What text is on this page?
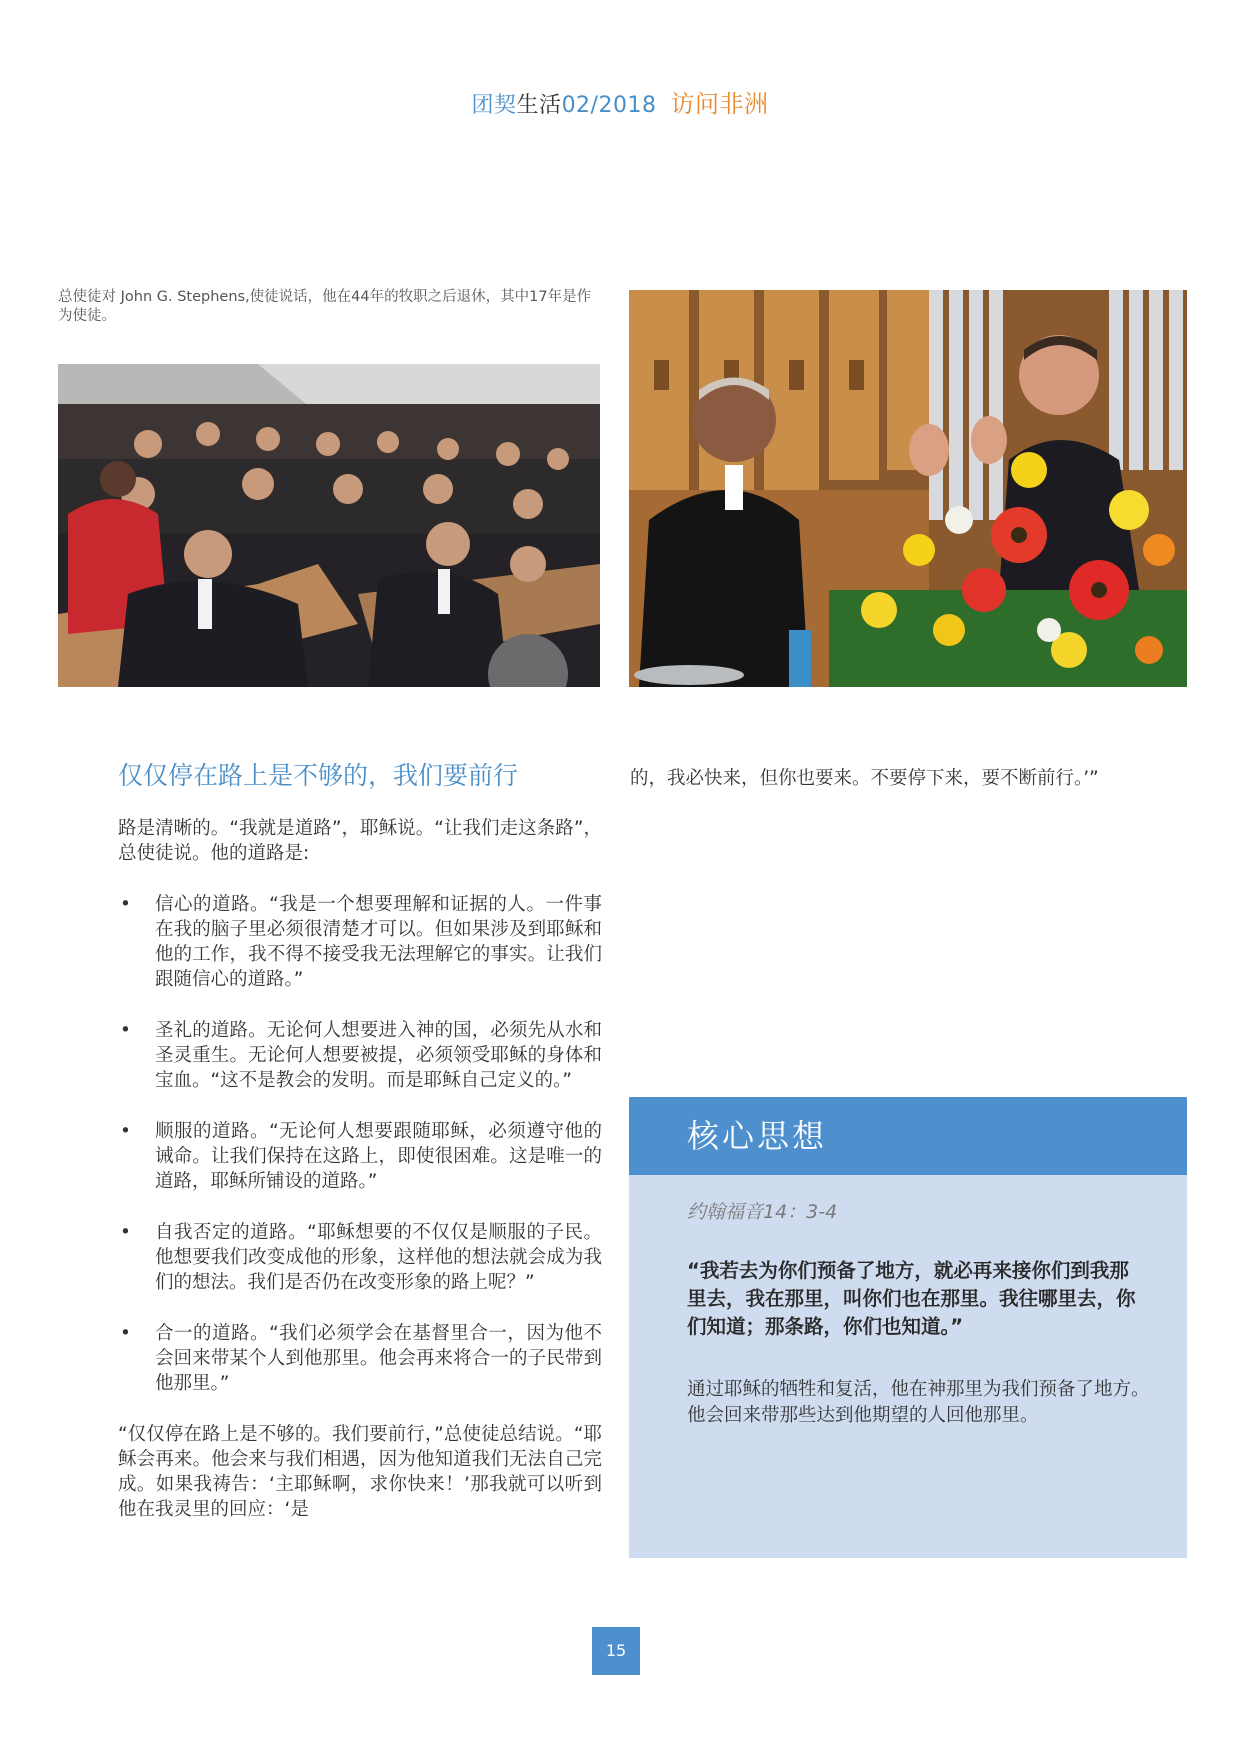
团契生活02/2018 访问非洲
总使徒对 John G. Stephens,使徒说话，他在44年的牧职之后退休，其中17年是作为使徒。
仅仅停在路上是不够的，我们要前行

路是清晰的。“我就是道路”，耶稣说。“让我们走这条路”，总使徒说。他的道路是:

• 信心的道路。“我是一个想要理解和证据的人。一件事在我的脑子里必须很清楚才可以。但如果涉及到耶稣和他的工作，我不得不接受我无法理解它的事实。让我们跟随信心的道路。”
• 圣礼的道路。无论何人想要进入神的国，必须先从水和圣灵重生。无论何人想要被提，必须领受耶稣的身体和宝血。“这不是教会的发明。而是耶稣自己定义的。”
• 顺服的道路。“无论何人想要跟随耶稣，必须遵守他的诫命。让我们保持在这路上，即使很困难。这是唯一的道路，耶稣所铺设的道路。”
• 自我否定的道路。“耶稣想要的不仅仅是顺服的子民。他想要我们改变成他的形象，这样他的想法就会成为我们的想法。我们是否仍在改变形象的路上呢？”
• 合一的道路。“我们必须学会在基督里合一，因为他不会回来带某个人到他那里。他会再来将合一的子民带到他那里。”

“仅仅停在路上是不够的。我们要前行，”总使徒总结说。“耶稣会再来。他会来与我们相遇，因为他知道我们无法自己完成。如果我祷告：‘主耶稣啊，求你快来！’那我就可以听到他在我灵里的回应：‘是

的，我必快来，但你也要来。不要停下来，要不断前行。’”
核心思想
约翰福音14：3-4
“我若去为你们预备了地方，就必再来接你们到我那里去，我在那里，叫你们也在那里。我往哪里去，你们知道；那条路，你们也知道。”
通过耶稣的牺牲和复活，他在神那里为我们预备了地方。他会回来带那些达到他期望的人回他那里。
15
